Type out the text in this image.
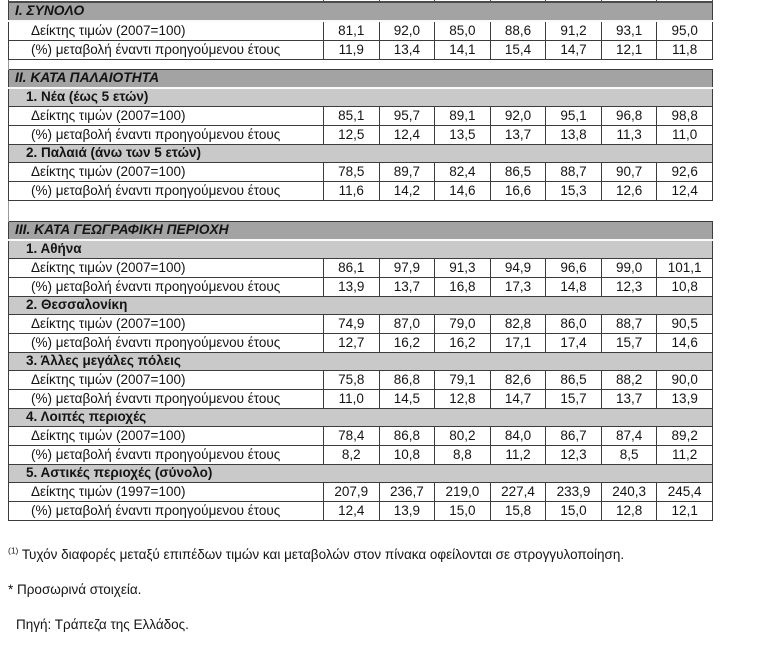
I. ΣΥΝΟΛΟ							
Δείκτης τιμών (2007=100)	81,1	92,0	85,0	88,6	91,2	93,1	95,0
(%) μεταβολή έναντι προηγούμενου έτους	11,9	13,4	14,1	15,4	14,7	12,1	11,8

II. ΚΑΤΑ ΠΑΛΑΙΟΤΗΤΑ							
1. Νέα (έως 5 ετών)							
Δείκτης τιμών (2007=100)	85,1	95,7	89,1	92,0	95,1	96,8	98,8
(%) μεταβολή έναντι προηγούμενου έτους	12,5	12,4	13,5	13,7	13,8	11,3	11,0
2. Παλαιά (άνω των 5 ετών)							
Δείκτης τιμών (2007=100)	78,5	89,7	82,4	86,5	88,7	90,7	92,6
(%) μεταβολή έναντι προηγούμενου έτους	11,6	14,2	14,6	16,6	15,3	12,6	12,4

III. ΚΑΤΑ ΓΕΩΓΡΑΦΙΚΗ ΠΕΡΙΟΧΗ							
1. Αθήνα							
Δείκτης τιμών (2007=100)	86,1	97,9	91,3	94,9	96,6	99,0	101,1
(%) μεταβολή έναντι προηγούμενου έτους	13,9	13,7	16,8	17,3	14,8	12,3	10,8
2. Θεσσαλονίκη							
Δείκτης τιμών (2007=100)	74,9	87,0	79,0	82,8	86,0	88,7	90,5
(%) μεταβολή έναντι προηγούμενου έτους	12,7	16,2	16,2	17,1	17,4	15,7	14,6
3. Άλλες μεγάλες πόλεις							
Δείκτης τιμών (2007=100)	75,8	86,8	79,1	82,6	86,5	88,2	90,0
(%) μεταβολή έναντι προηγούμενου έτους	11,0	14,5	12,8	14,7	15,7	13,7	13,9
4. Λοιπές περιοχές							
Δείκτης τιμών (2007=100)	78,4	86,8	80,2	84,0	86,7	87,4	89,2
(%) μεταβολή έναντι προηγούμενου έτους	8,2	10,8	8,8	11,2	12,3	8,5	11,2
5. Αστικές περιοχές (σύνολο)							
Δείκτης τιμών (1997=100)	207,9	236,7	219,0	227,4	233,9	240,3	245,4
(%) μεταβολή έναντι προηγούμενου έτους	12,4	13,9	15,0	15,8	15,0	12,8	12,1

$^{(1)}$ Τυχόν διαφορές μεταξύ επιπέδων τιμών και μεταβολών στον πίνακα οφείλονται σε στρογγυλοποίηση.

* Προσωρινά στοιχεία.

Πηγή: Τράπεζα της Ελλάδος.
